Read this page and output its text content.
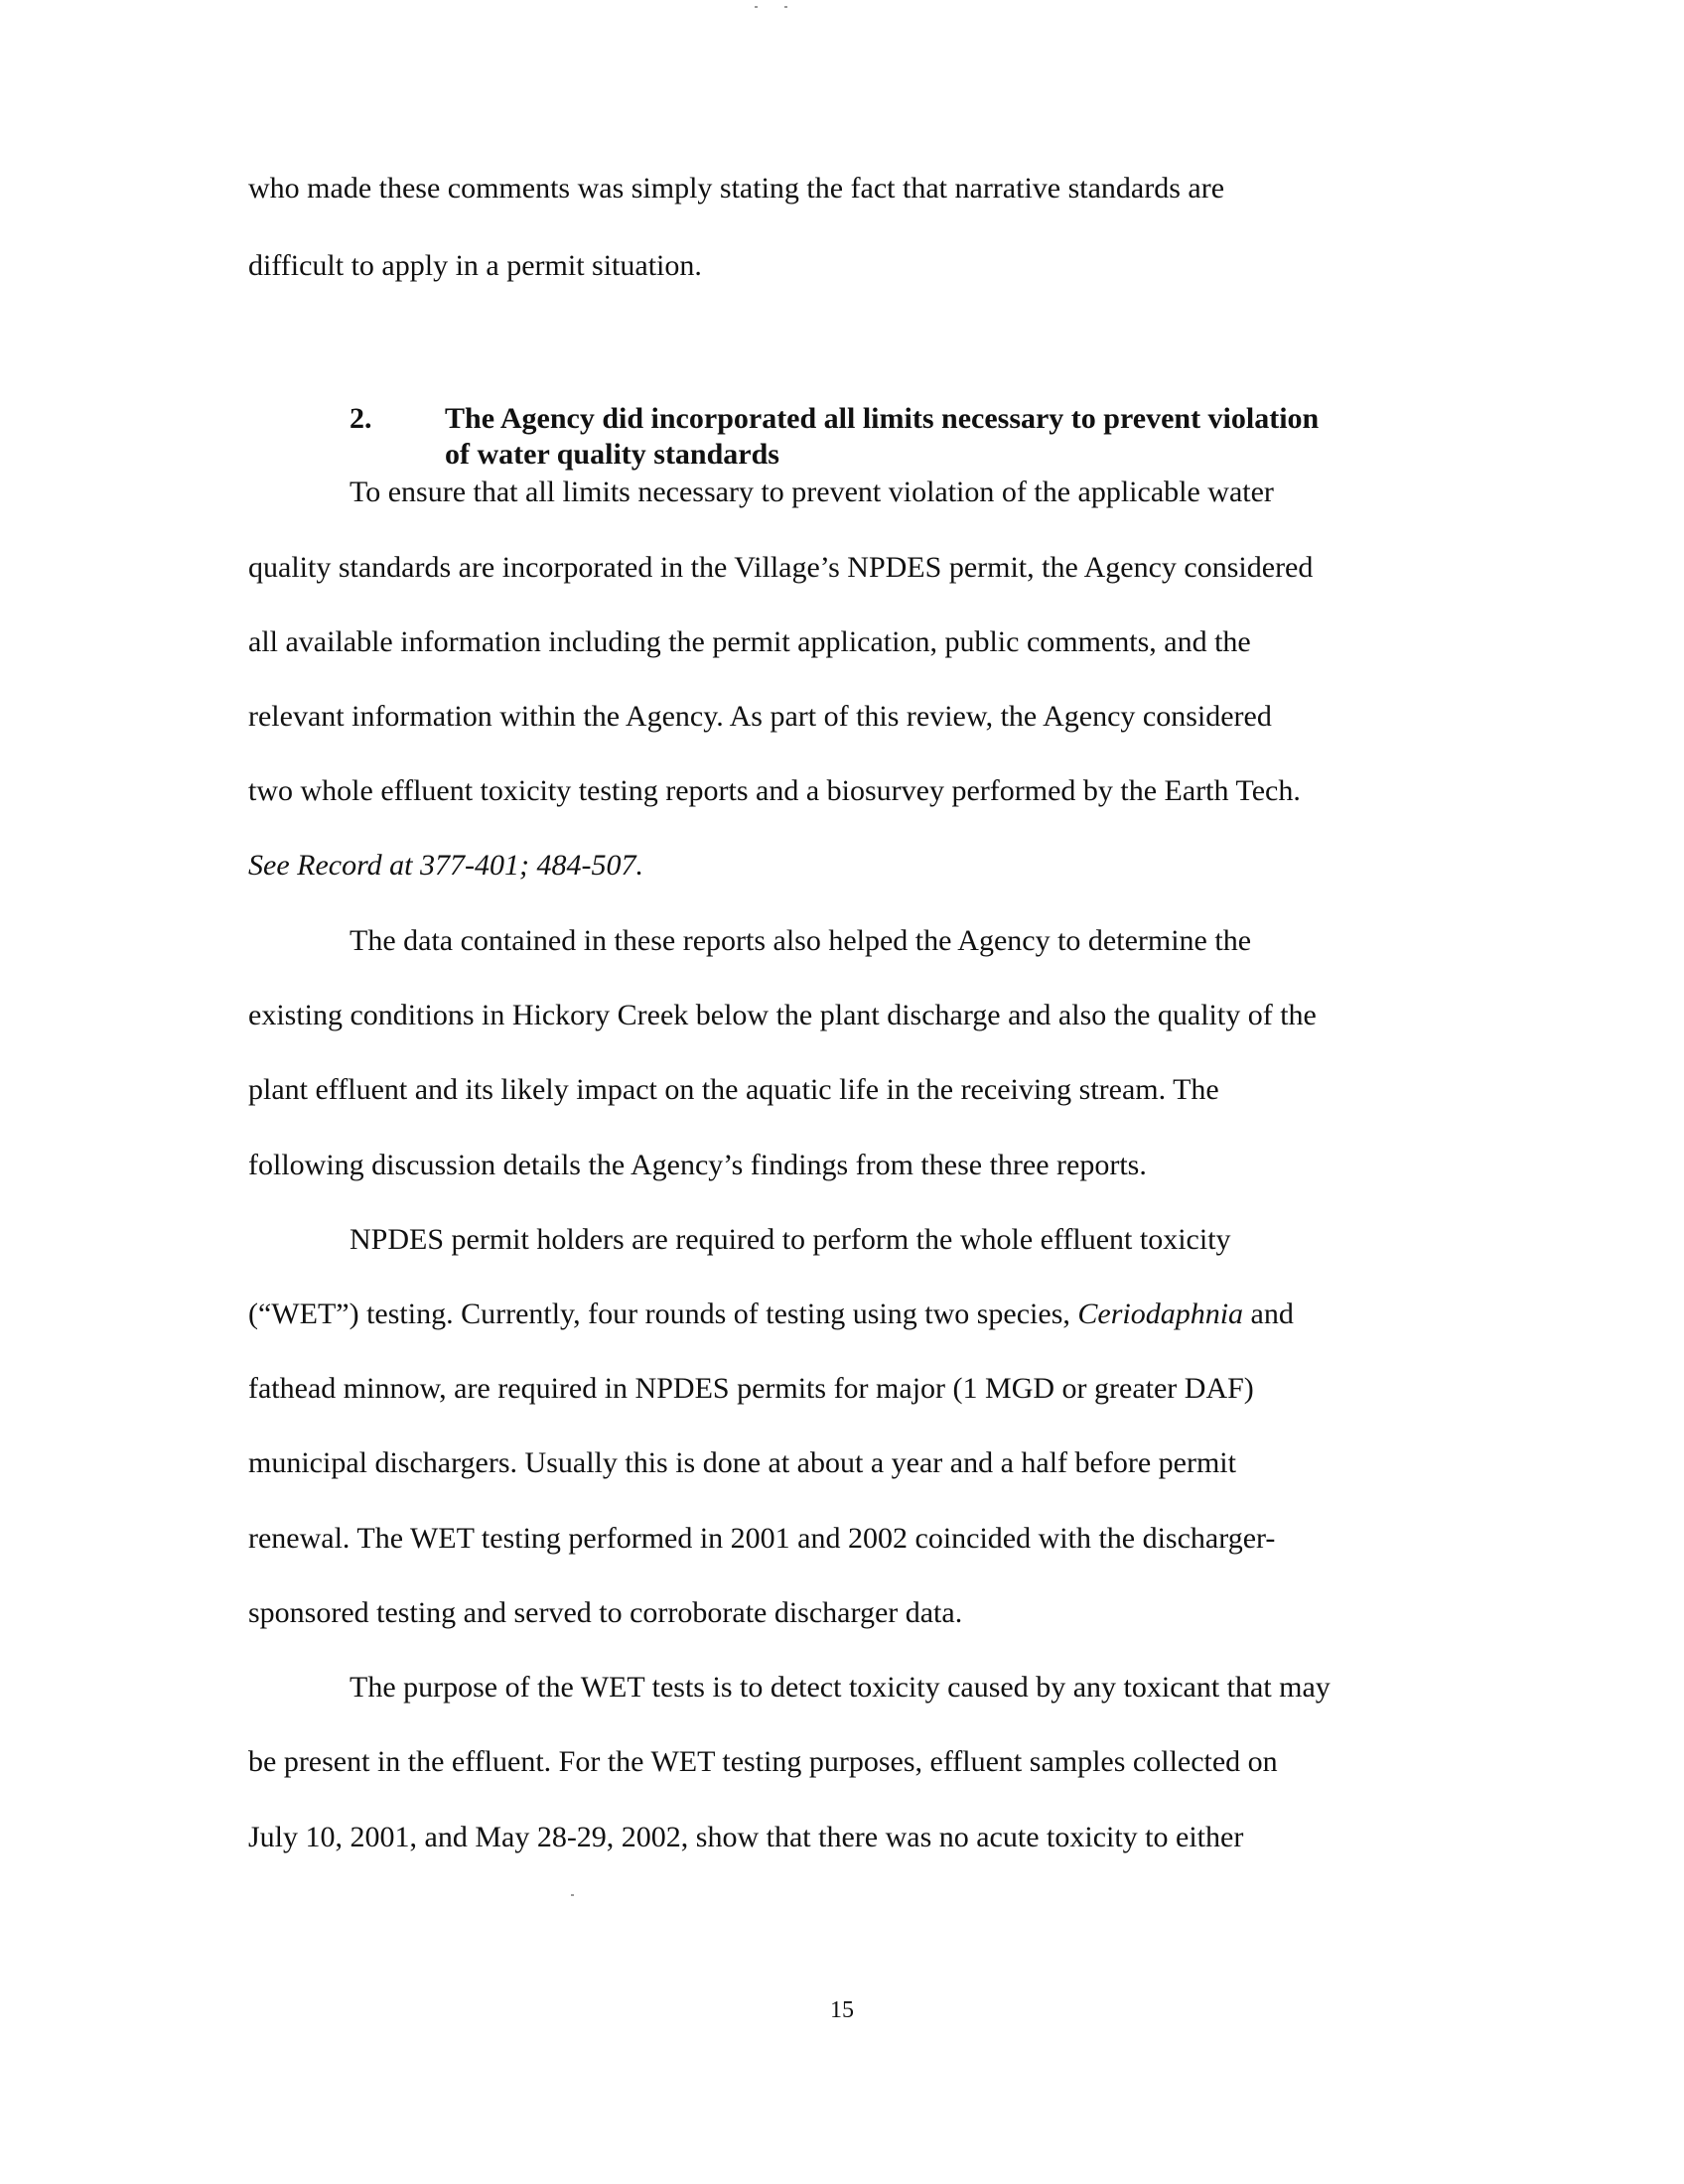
who made these comments was simply stating the fact that narrative standards are
difficult to apply in a permit situation.
2. The Agency did incorporated all limits necessary to prevent violation
of water quality standards
To ensure that all limits necessary to prevent violation of the applicable water
quality standards are incorporated in the Village’s NPDES permit, the Agency considered
all available information including the permit application, public comments, and the
relevant information within the Agency. As part of this review, the Agency considered
two whole effluent toxicity testing reports and a biosurvey performed by the Earth Tech.
See Record at 377-401; 484-507.
The data contained in these reports also helped the Agency to determine the
existing conditions in Hickory Creek below the plant discharge and also the quality of the
plant effluent and its likely impact on the aquatic life in the receiving stream. The
following discussion details the Agency’s findings from these three reports.
NPDES permit holders are required to perform the whole effluent toxicity
(“WET”) testing. Currently, four rounds of testing using two species, Ceriodaphnia and
fathead minnow, are required in NPDES permits for major (1 MGD or greater DAF)
municipal dischargers. Usually this is done at about a year and a half before permit
renewal. The WET testing performed in 2001 and 2002 coincided with the discharger-
sponsored testing and served to corroborate discharger data.
The purpose of the WET tests is to detect toxicity caused by any toxicant that may
be present in the effluent. For the WET testing purposes, effluent samples collected on
July 10, 2001, and May 28-29, 2002, show that there was no acute toxicity to either
15
